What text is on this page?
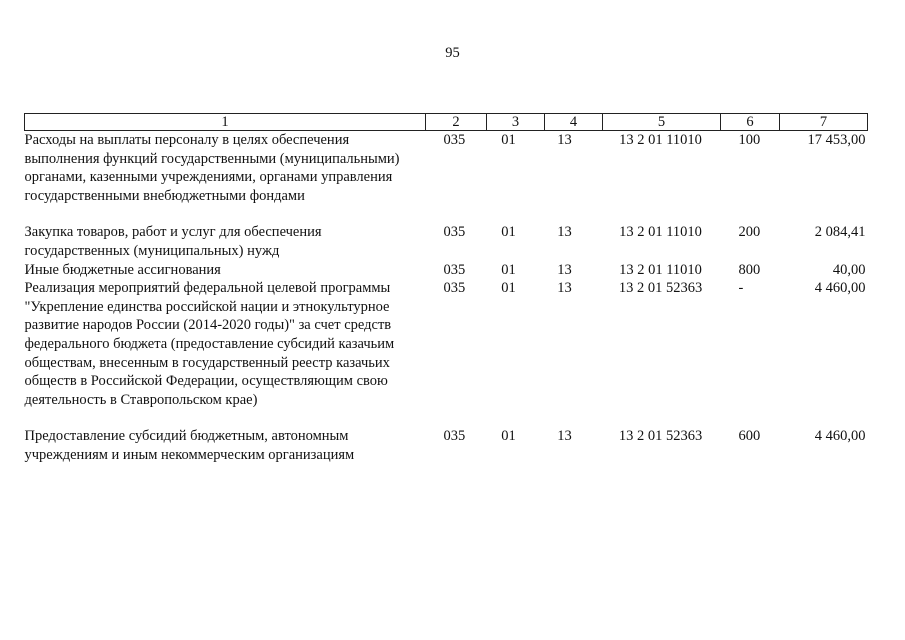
95
1	2	3	4	5	6	7
Расходы на выплаты персоналу в целях обеспечения выполнения функций государственными (муниципальными) органами, казенными учреждениями, органами управления государственными внебюджетными фондами	035	01	13	13 2 01 11010	100	17 453,00

Закупка товаров, работ и услуг для обеспечения государственных (муниципальных) нужд	035	01	13	13 2 01 11010	200	2 084,41
Иные бюджетные ассигнования	035	01	13	13 2 01 11010	800	40,00
Реализация мероприятий федеральной целевой программы "Укрепление единства российской нации и этнокультурное развитие народов России (2014-2020 годы)" за счет средств федерального бюджета (предоставление субсидий казачьим обществам, внесенным в государственный реестр казачьих обществ в Российской Федерации, осуществляющим свою деятельность в Ставропольском крае)	035	01	13	13 2 01 52363	-	4 460,00

Предоставление субсидий бюджетным, автономным учреждениям и иным некоммерческим организациям	035	01	13	13 2 01 52363	600	4 460,00
